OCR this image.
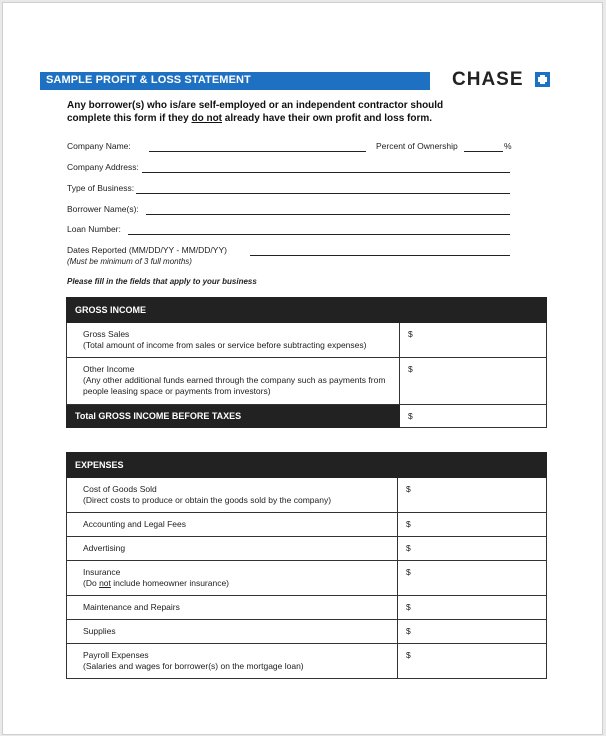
SAMPLE PROFIT & LOSS STATEMENT	CHASE
Any borrower(s) who is/are self-employed or an independent contractor should
complete this form if they do not already have their own profit and loss form.
Company Name:	Percent of Ownership	%
Company Address:
Type of Business:
Borrower Name(s):
Loan Number:
Dates Reported (MM/DD/YY - MM/DD/YY)
(Must be minimum of 3 full months)
Please fill in the fields that apply to your business
GROSS INCOME	

Gross Sales
(Total amount of income from sales or service before subtracting expenses)	$

Other Income
(Any other additional funds earned through the company such as payments from people leasing space or payments from investors)	$
Total GROSS INCOME BEFORE TAXES	$
EXPENSES	

Cost of Goods Sold
(Direct costs to produce or obtain the goods sold by the company)	$

Accounting and Legal Fees	$

Advertising	$

Insurance
(Do not include homeowner insurance)	$

Maintenance and Repairs	$

Supplies	$

Payroll Expenses
(Salaries and wages for borrower(s) on the mortgage loan)	$
